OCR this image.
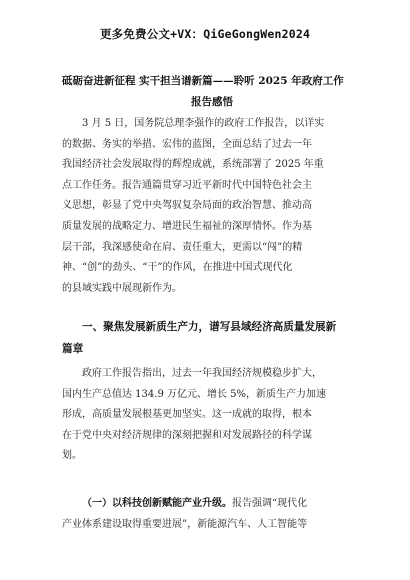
更多免费公文+VX：QiGeGongWen2024
砥砺奋进新征程 实干担当谱新篇——聆听 2025 年政府工作
报告感悟
3 月 5 日，国务院总理李强作的政府工作报告，以详实
的数据、务实的举措、宏伟的蓝图，全面总结了过去一年
我国经济社会发展取得的辉煌成就，系统部署了 2025 年重
点工作任务。报告通篇贯穿习近平新时代中国特色社会主
义思想，彰显了党中央驾驭复杂局面的政治智慧、推动高
质量发展的战略定力、增进民生福祉的深厚情怀。作为基
层干部，我深感使命在肩、责任重大，更需以“闯”的精
神、“创”的劲头、“干”的作风，在推进中国式现代化
的县域实践中展现新作为。
一、聚焦发展新质生产力，谱写县域经济高质量发展新
篇章
政府工作报告指出，过去一年我国经济规模稳步扩大，
国内生产总值达 134.9 万亿元、增长 5%，新质生产力加速
形成，高质量发展根基更加坚实。这一成就的取得，根本
在于党中央对经济规律的深刻把握和对发展路径的科学谋
划。
（一）以科技创新赋能产业升级。报告强调“现代化
产业体系建设取得重要进展”，新能源汽车、人工智能等
